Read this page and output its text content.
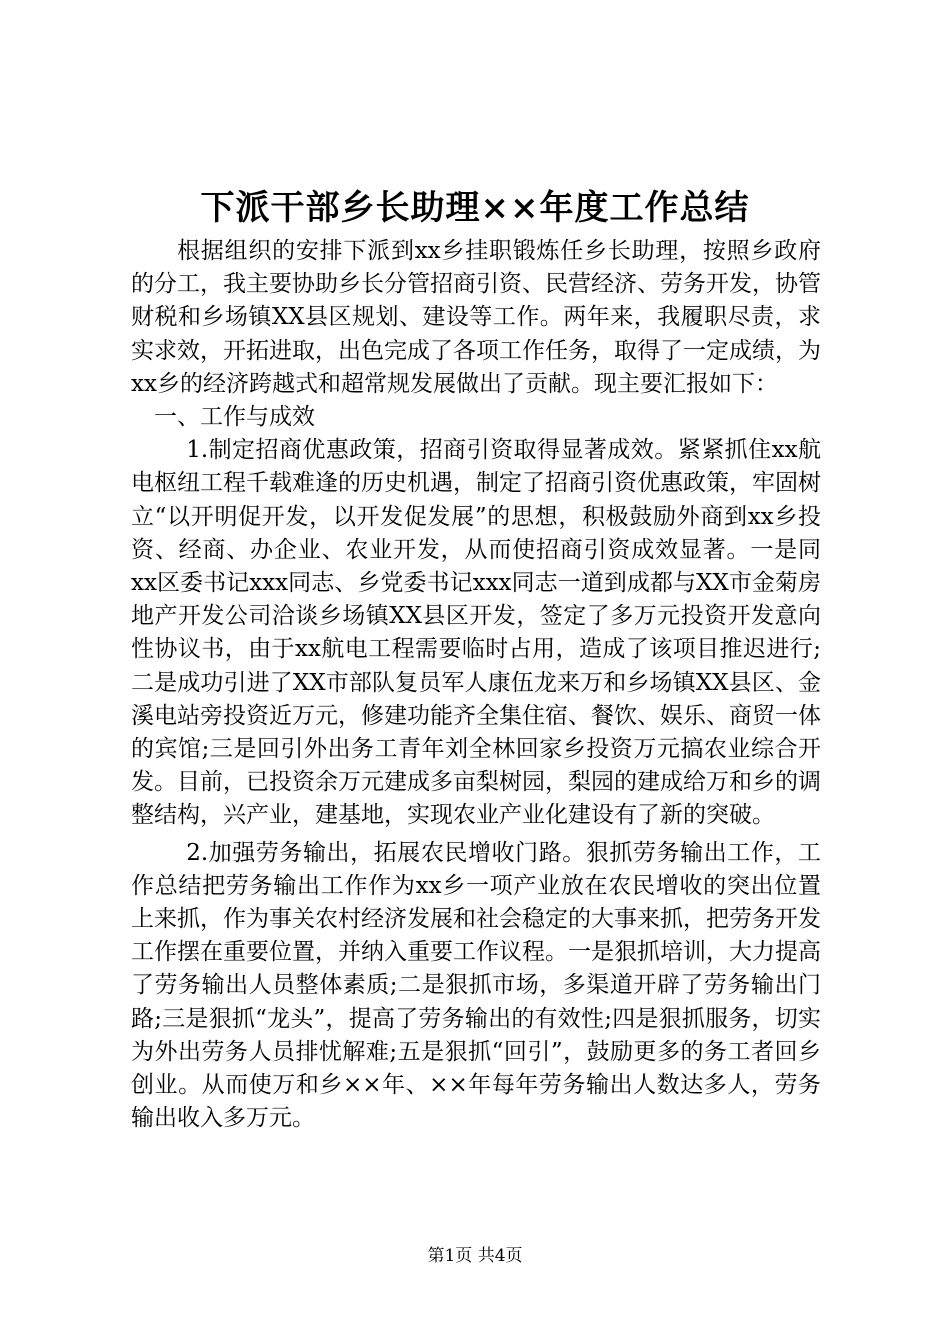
下派干部乡长助理××年度工作总结

根据组织的安排下派到xx乡挂职锻炼任乡长助理，按照乡政府的分工，我主要协助乡长分管招商引资、民营经济、劳务开发，协管财税和乡场镇XX县区规划、建设等工作。两年来，我履职尽责，求实求效，开拓进取，出色完成了各项工作任务，取得了一定成绩，为xx乡的经济跨越式和超常规发展做出了贡献。现主要汇报如下：

一、工作与成效

1.制定招商优惠政策，招商引资取得显著成效。紧紧抓住xx航电枢纽工程千载难逢的历史机遇，制定了招商引资优惠政策，牢固树立“以开明促开发，以开发促发展”的思想，积极鼓励外商到xx乡投资、经商、办企业、农业开发，从而使招商引资成效显著。一是同xx区委书记xxx同志、乡党委书记xxx同志一道到成都与XX市金菊房地产开发公司洽谈乡场镇XX县区开发，签定了多万元投资开发意向性协议书，由于xx航电工程需要临时占用，造成了该项目推迟进行;二是成功引进了XX市部队复员军人康伍龙来万和乡场镇XX县区、金溪电站旁投资近万元，修建功能齐全集住宿、餐饮、娱乐、商贸一体的宾馆;三是回引外出务工青年刘全林回家乡投资万元搞农业综合开发。目前，已投资余万元建成多亩梨树园，梨园的建成给万和乡的调整结构，兴产业，建基地，实现农业产业化建设有了新的突破。

2.加强劳务输出，拓展农民增收门路。狠抓劳务输出工作，工作总结把劳务输出工作作为xx乡一项产业放在农民增收的突出位置上来抓，作为事关农村经济发展和社会稳定的大事来抓，把劳务开发工作摆在重要位置，并纳入重要工作议程。一是狠抓培训，大力提高了劳务输出人员整体素质;二是狠抓市场，多渠道开辟了劳务输出门路;三是狠抓“龙头”，提高了劳务输出的有效性;四是狠抓服务，切实为外出劳务人员排忧解难;五是狠抓“回引”，鼓励更多的务工者回乡创业。从而使万和乡××年、××年每年劳务输出人数达多人，劳务输出收入多万元。

第1页 共4页
